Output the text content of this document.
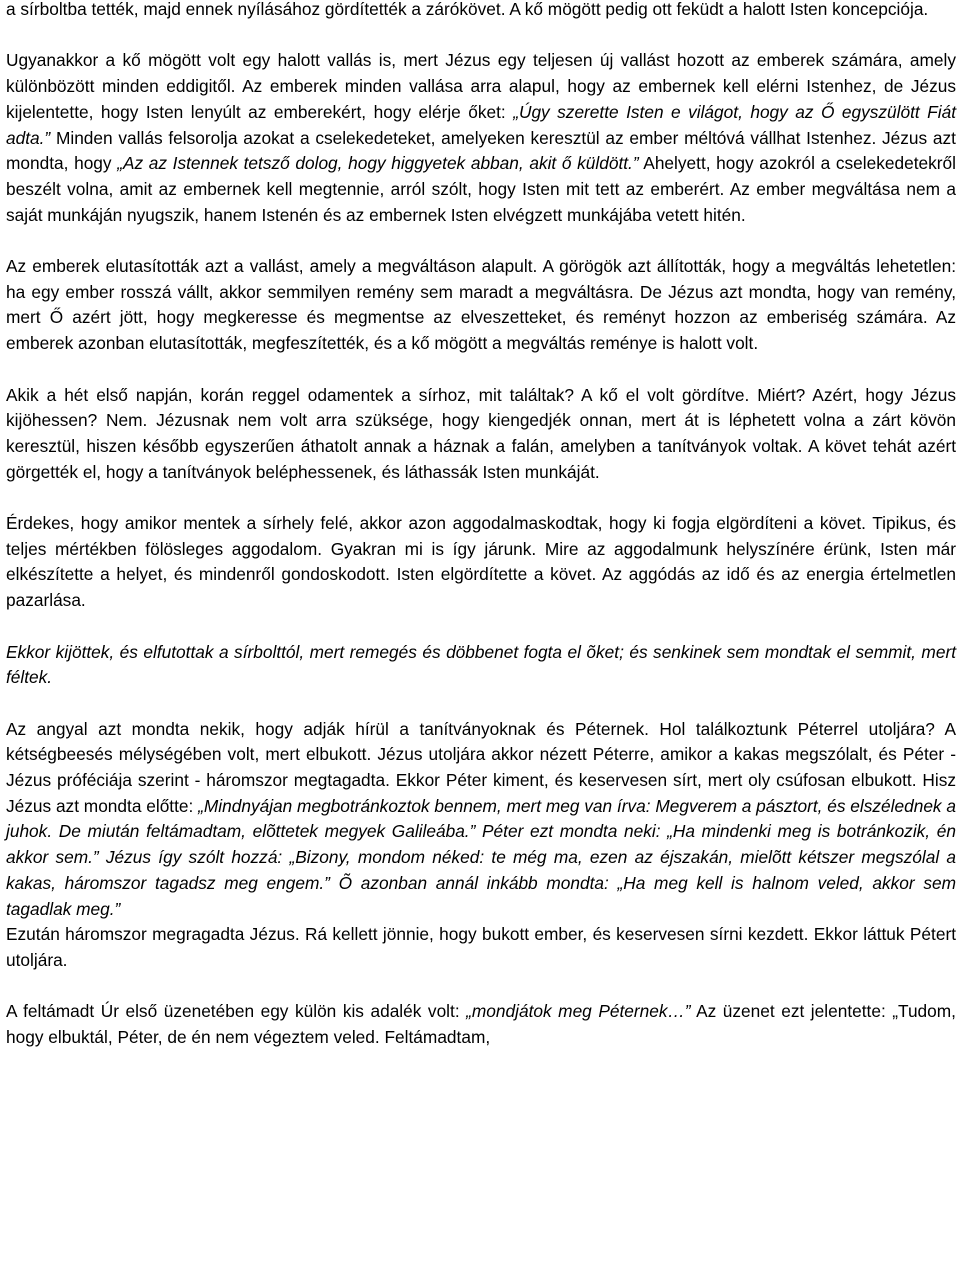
a sírboltba tették, majd ennek nyílásához gördítették a zárókövet. A kő mögött pedig ott feküdt a halott Isten koncepciója.

Ugyanakkor a kő mögött volt egy halott vallás is, mert Jézus egy teljesen új vallást hozott az emberek számára, amely különbözött minden eddigitől. Az emberek minden vallása arra alapul, hogy az embernek kell elérni Istenhez, de Jézus kijelentette, hogy Isten lenyúlt az emberekért, hogy elérje őket: „Úgy szerette Isten e világot, hogy az Ő egyszülött Fiát adta.” Minden vallás felsorolja azokat a cselekedeteket, amelyeken keresztül az ember méltóvá vállhat Istenhez. Jézus azt mondta, hogy „Az az Istennek tetsző dolog, hogy higgyetek abban, akit ő küldött.” Ahelyett, hogy azokról a cselekedetekről beszélt volna, amit az embernek kell megtennie, arról szólt, hogy Isten mit tett az emberért. Az ember megváltása nem a saját munkáján nyugszik, hanem Istenén és az embernek Isten elvégzett munkájába vetett hitén.

Az emberek elutasították azt a vallást, amely a megváltáson alapult. A görögök azt állították, hogy a megváltás lehetetlen: ha egy ember rosszá vállt, akkor semmilyen remény sem maradt a megváltásra. De Jézus azt mondta, hogy van remény, mert Ő azért jött, hogy megkeresse és megmentse az elveszetteket, és reményt hozzon az emberiség számára. Az emberek azonban elutasították, megfeszítették, és a kő mögött a megváltás reménye is halott volt.

Akik a hét első napján, korán reggel odamentek a sírhoz, mit találtak? A kő el volt gördítve. Miért? Azért, hogy Jézus kijöhessen? Nem. Jézusnak nem volt arra szüksége, hogy kiengedjék onnan, mert át is léphetett volna a zárt kövön keresztül, hiszen később egyszerűen áthatolt annak a háznak a falán, amelyben a tanítványok voltak. A követ tehát azért görgették el, hogy a tanítványok beléphessenek, és láthassák Isten munkáját.

Érdekes, hogy amikor mentek a sírhely felé, akkor azon aggodalmaskodtak, hogy ki fogja elgördíteni a követ. Tipikus, és teljes mértékben fölösleges aggodalom. Gyakran mi is így járunk. Mire az aggodalmunk helyszínére érünk, Isten már elkészítette a helyet, és mindenről gondoskodott. Isten elgördítette a követ. Az aggódás az idő és az energia értelmetlen pazarlása.

Ekkor kijöttek, és elfutottak a sírbolttól, mert remegés és döbbenet fogta el õket; és senkinek sem mondtak el semmit, mert féltek.

Az angyal azt mondta nekik, hogy adják hírül a tanítványoknak és Péternek. Hol találkoztunk Péterrel utoljára? A kétségbeesés mélységében volt, mert elbukott. Jézus utoljára akkor nézett Péterre, amikor a kakas megszólalt, és Péter - Jézus próféciája szerint - háromszor megtagadta. Ekkor Péter kiment, és keservesen sírt, mert oly csúfosan elbukott. Hisz Jézus azt mondta előtte: „Mindnyájan megbotránkoztok bennem, mert meg van írva: Megverem a pásztort, és elszélednek a juhok. De miután feltámadtam, elõttetek megyek Galileába.” Péter ezt mondta neki: „Ha mindenki meg is botránkozik, én akkor sem.” Jézus így szólt hozzá: „Bizony, mondom néked: te még ma, ezen az éjszakán, mielõtt kétszer megszólal a kakas, háromszor tagadsz meg engem.” Õ azonban annál inkább mondta: „Ha meg kell is halnom veled, akkor sem tagadlak meg.”

Ezután háromszor megragadta Jézus. Rá kellett jönnie, hogy bukott ember, és keservesen sírni kezdett. Ekkor láttuk Pétert utoljára.

A feltámadt Úr első üzenetében egy külön kis adalék volt: „mondjátok meg Péternek…” Az üzenet ezt jelentette: „Tudom, hogy elbuktál, Péter, de én nem végeztem veled. Feltámadtam,
